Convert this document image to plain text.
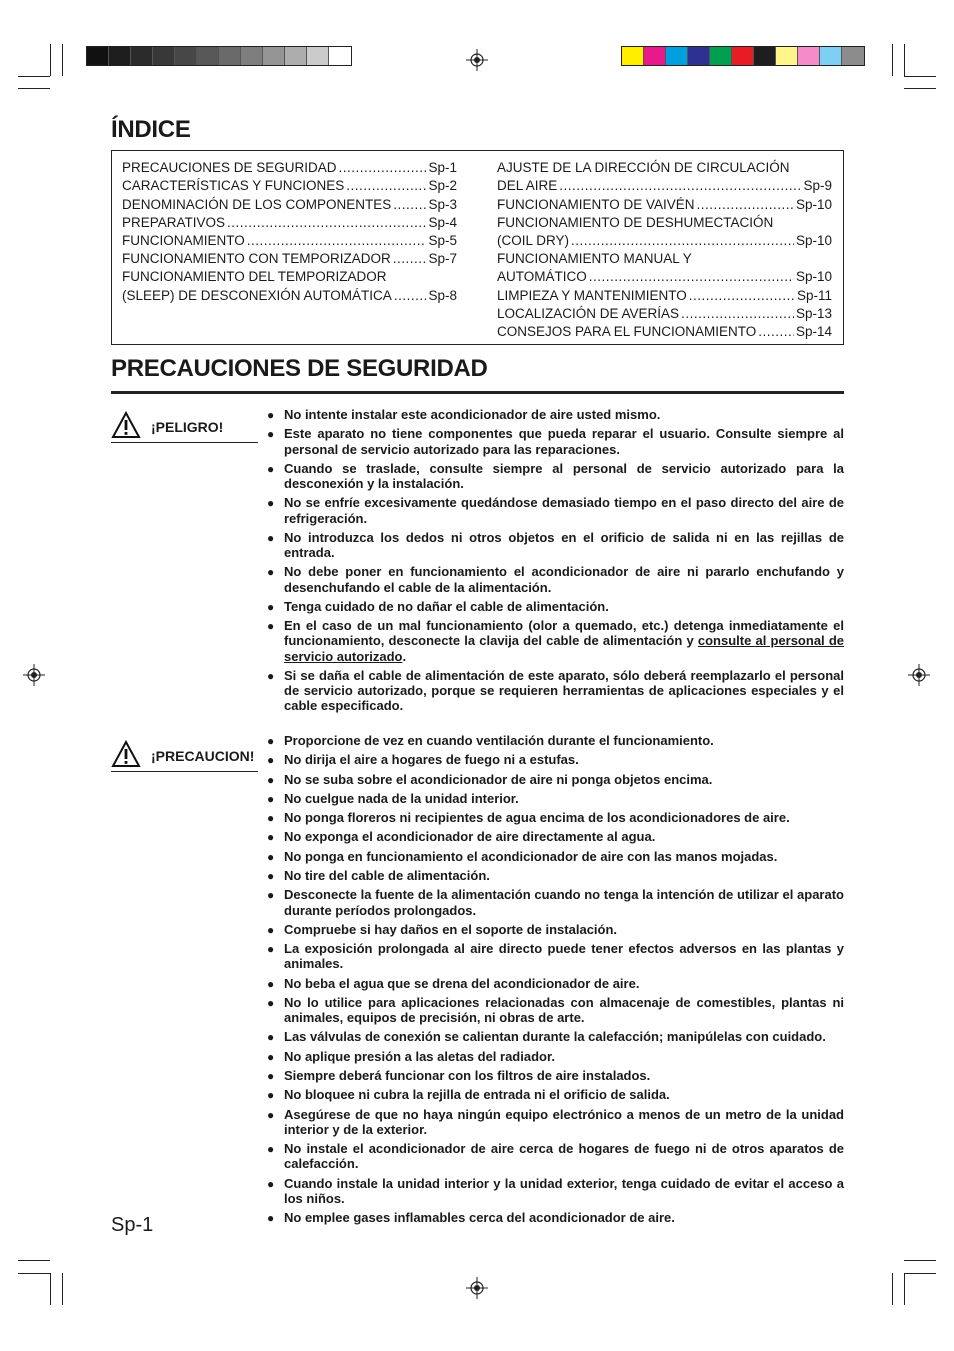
ÍNDICE
PRECAUCIONES DE SEGURIDAD .....	Sp-1
CARACTERÍSTICAS Y FUNCIONES .....	Sp-2
DENOMINACIÓN DE LOS COMPONENTES .....	Sp-3
PREPARATIVOS .....	Sp-4
FUNCIONAMIENTO .....	Sp-5
FUNCIONAMIENTO CON TEMPORIZADOR .....	Sp-7
FUNCIONAMIENTO DEL TEMPORIZADOR
(SLEEP) DE DESCONEXIÓN AUTOMÁTICA .....	Sp-8
AJUSTE DE LA DIRECCIÓN DE CIRCULACIÓN
DEL AIRE .....	Sp-9
FUNCIONAMIENTO DE VAIVÉN .....	Sp-10
FUNCIONAMIENTO DE DESHUMECTACIÓN
(COIL DRY) .....	Sp-10
FUNCIONAMIENTO MANUAL Y
AUTOMÁTICO .....	Sp-10
LIMPIEZA Y MANTENIMIENTO .....	Sp-11
LOCALIZACIÓN DE AVERÍAS .....	Sp-13
CONSEJOS PARA EL FUNCIONAMIENTO .....	Sp-14
PRECAUCIONES DE SEGURIDAD
¡PELIGRO!
● No intente instalar este acondicionador de aire usted mismo.
● Este aparato no tiene componentes que pueda reparar el usuario. Consulte siempre al personal de servicio autorizado para las reparaciones.
● Cuando se traslade, consulte siempre al personal de servicio autorizado para la desconexión y la instalación.
● No se enfríe excesivamente quedándose demasiado tiempo en el paso directo del aire de refrigeración.
● No introduzca los dedos ni otros objetos en el orificio de salida ni en las rejillas de entrada.
● No debe poner en funcionamiento el acondicionador de aire ni pararlo enchufando y desenchufando el cable de la alimentación.
● Tenga cuidado de no dañar el cable de alimentación.
● En el caso de un mal funcionamiento (olor a quemado, etc.) detenga inmediatamente el funcionamiento, desconecte la clavija del cable de alimentación y consulte al personal de servicio autorizado.
● Si se daña el cable de alimentación de este aparato, sólo deberá reemplazarlo el personal de servicio autorizado, porque se requieren herramientas de aplicaciones especiales y el cable especificado.
¡PRECAUCION!
● Proporcione de vez en cuando ventilación durante el funcionamiento.
● No dirija el aire a hogares de fuego ni a estufas.
● No se suba sobre el acondicionador de aire ni ponga objetos encima.
● No cuelgue nada de la unidad interior.
● No ponga floreros ni recipientes de agua encima de los acondicionadores de aire.
● No exponga el acondicionador de aire directamente al agua.
● No ponga en funcionamiento el acondicionador de aire con las manos mojadas.
● No tire del cable de alimentación.
● Desconecte la fuente de la alimentación cuando no tenga la intención de utilizar el aparato durante períodos prolongados.
● Compruebe si hay daños en el soporte de instalación.
● La exposición prolongada al aire directo puede tener efectos adversos en las plantas y animales.
● No beba el agua que se drena del acondicionador de aire.
● No lo utilice para aplicaciones relacionadas con almacenaje de comestibles, plantas ni animales, equipos de precisión, ni obras de arte.
● Las válvulas de conexión se calientan durante la calefacción; manipúlelas con cuidado.
● No aplique presión a las aletas del radiador.
● Siempre deberá funcionar con los filtros de aire instalados.
● No bloquee ni cubra la rejilla de entrada ni el orificio de salida.
● Asegúrese de que no haya ningún equipo electrónico a menos de un metro de la unidad interior y de la exterior.
● No instale el acondicionador de aire cerca de hogares de fuego ni de otros aparatos de calefacción.
● Cuando instale la unidad interior y la unidad exterior, tenga cuidado de evitar el acceso a los niños.
● No emplee gases inflamables cerca del acondicionador de aire.
Sp-1
